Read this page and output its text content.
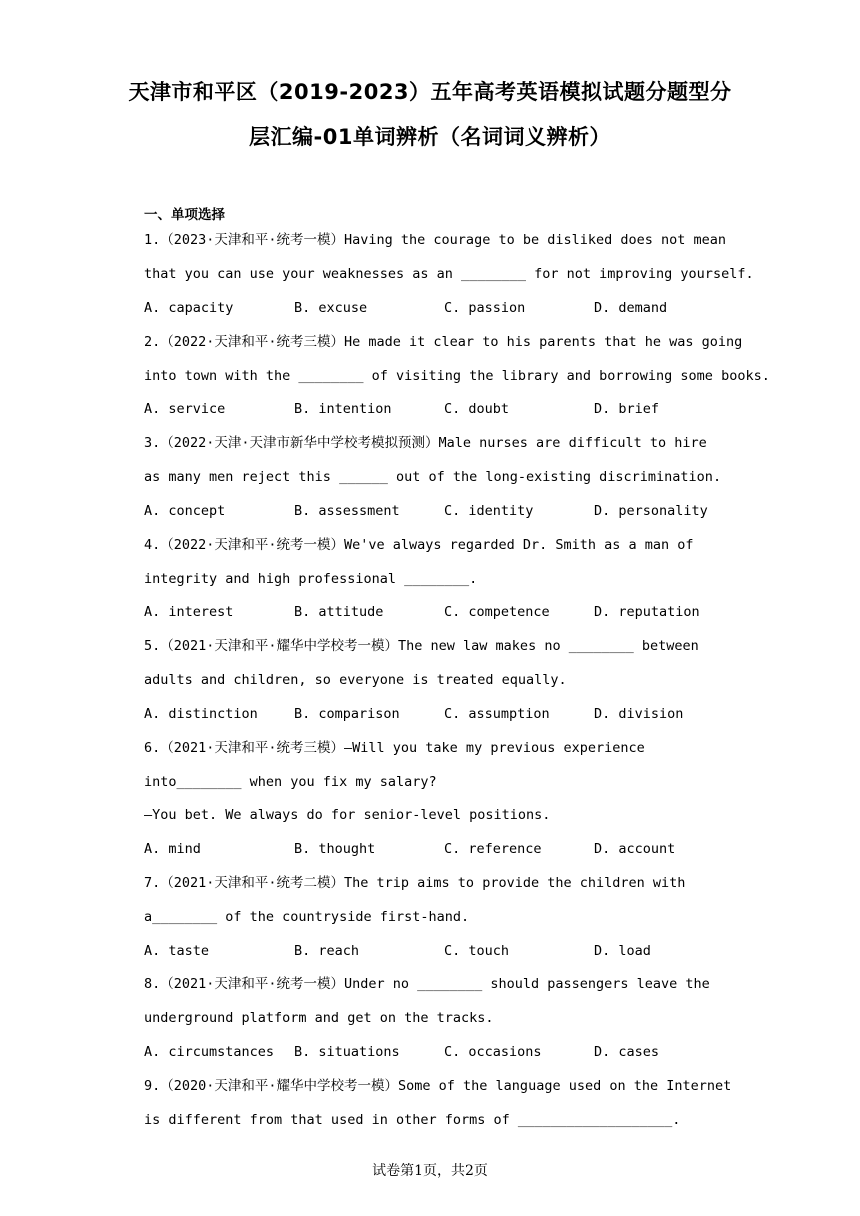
天津市和平区（2019-2023）五年高考英语模拟试题分题型分
层汇编-01单词辨析（名词词义辨析）
一、单项选择
1.（2023·天津和平·统考一模）Having the courage to be disliked does not mean
that you can use your weaknesses as an ________ for not improving yourself.
A. capacity	B. excuse	C. passion	D. demand
2.（2022·天津和平·统考三模）He made it clear to his parents that he was going
into town with the ________ of visiting the library and borrowing some books.
A. service	B. intention	C. doubt	D. brief
3.（2022·天津·天津市新华中学校考模拟预测）Male nurses are difficult to hire
as many men reject this ______ out of the long-existing discrimination.
A. concept	B. assessment	C. identity	D. personality
4.（2022·天津和平·统考一模）We've always regarded Dr. Smith as a man of
integrity and high professional ________.
A. interest	B. attitude	C. competence	D. reputation
5.（2021·天津和平·耀华中学校考一模）The new law makes no ________ between
adults and children, so everyone is treated equally.
A. distinction	B. comparison	C. assumption	D. division
6.（2021·天津和平·统考三模）—Will you take my previous experience
into________ when you fix my salary?
—You bet. We always do for senior-level positions.
A. mind	B. thought	C. reference	D. account
7.（2021·天津和平·统考二模）The trip aims to provide the children with
a________ of the countryside first-hand.
A. taste	B. reach	C. touch	D. load
8.（2021·天津和平·统考一模）Under no ________ should passengers leave the
underground platform and get on the tracks.
A. circumstances B. situations	C. occasions	D. cases
9.（2020·天津和平·耀华中学校考一模）Some of the language used on the Internet
is different from that used in other forms of ___________________.
试卷第1页，共2页
